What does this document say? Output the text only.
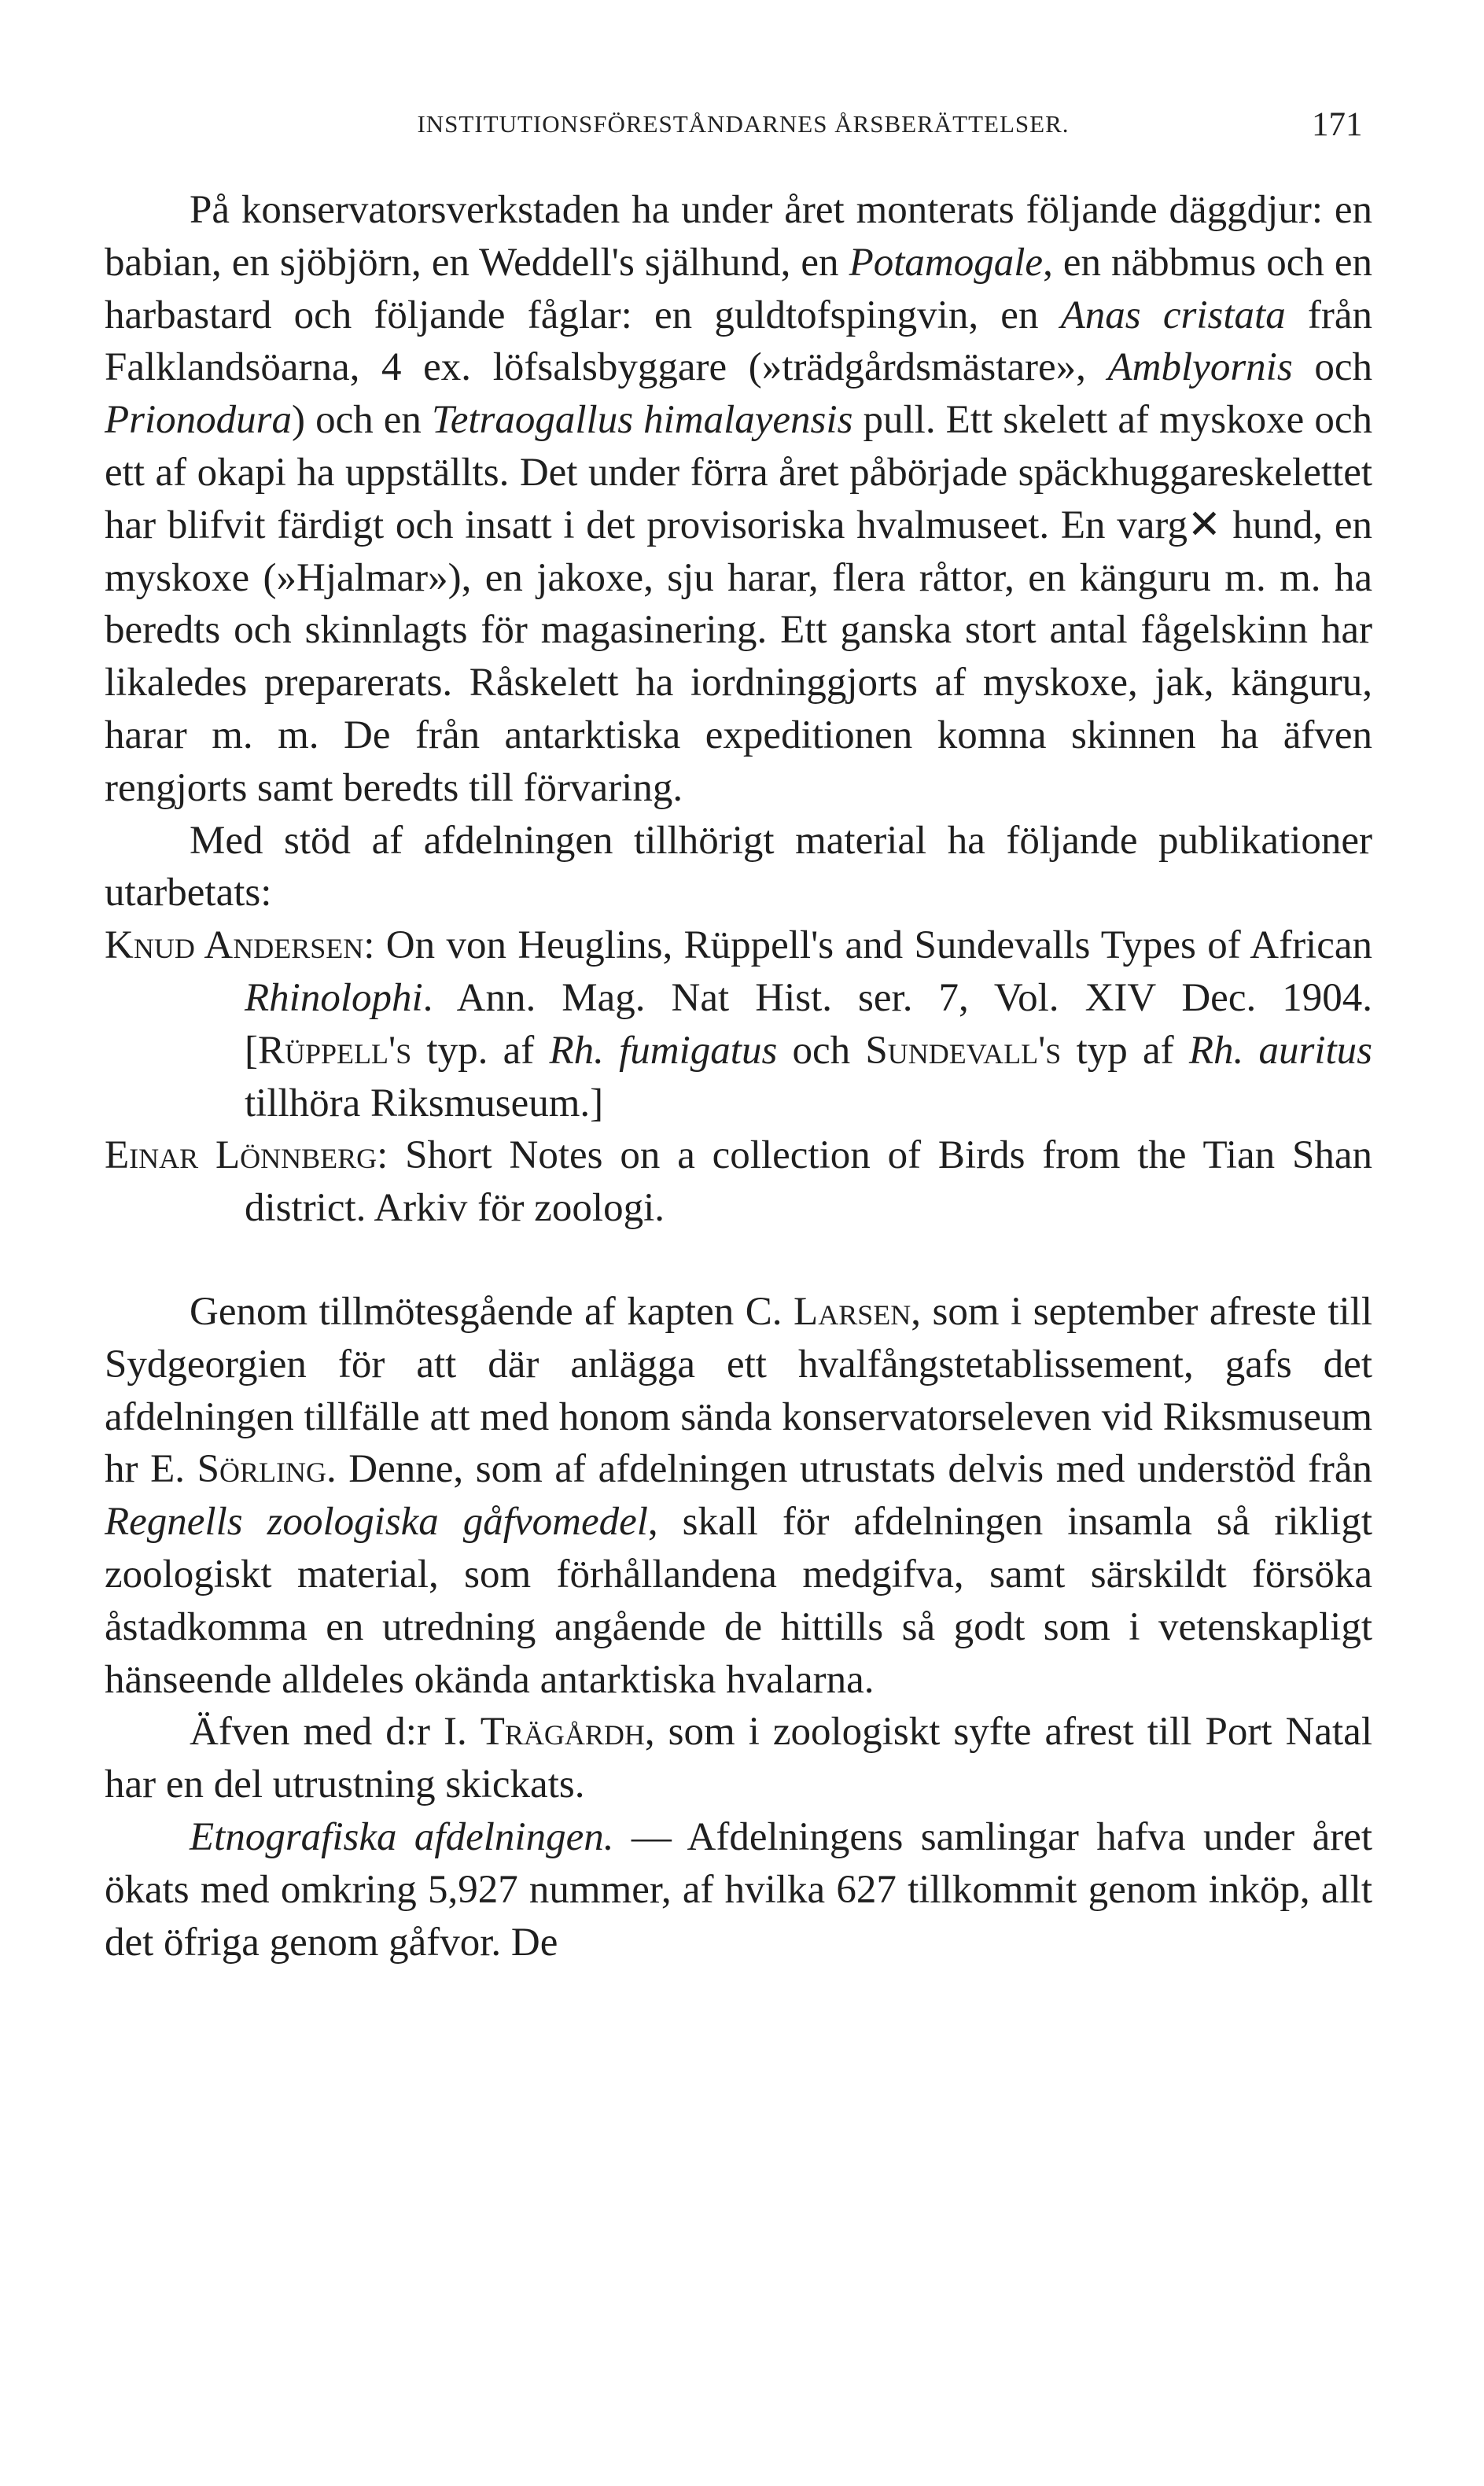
INSTITUTIONSFÖRESTÅNDARNES ÅRSBERÄTTELSER.	171

På konservatorsverkstaden ha under året monterats följande däggdjur: en babian, en sjöbjörn, en Weddell's själhund, en Potamogale, en näbbmus och en harbastard och följande fåglar: en guldtofspingvin, en Anas cristata från Falklandsöarna, 4 ex. löfsalsbyggare (»trädgårdsmästare», Amblyornis och Prionodura) och en Tetraogallus himalayensis pull. Ett skelett af myskoxe och ett af okapi ha uppställts. Det under förra året påbörjade späckhuggareskelettet har blifvit färdigt och insatt i det provisoriska hvalmuseet. En varg✕ hund, en myskoxe (»Hjalmar»), en jakoxe, sju harar, flera råttor, en känguru m. m. ha beredts och skinnlagts för magasinering. Ett ganska stort antal fågelskinn har likaledes preparerats. Råskelett ha iordninggjorts af myskoxe, jak, känguru, harar m. m. De från antarktiska expeditionen komna skinnen ha äfven rengjorts samt beredts till förvaring.

Med stöd af afdelningen tillhörigt material ha följande publikationer utarbetats:

Knud Andersen: On von Heuglins, Rüppell's and Sundevalls Types of African Rhinolophi. Ann. Mag. Nat Hist. ser. 7, Vol. XIV Dec. 1904. [Rüppell's typ. af Rh. fumigatus och Sundevall's typ af Rh. auritus tillhöra Riksmuseum.]

Einar Lönnberg: Short Notes on a collection of Birds from the Tian Shan district. Arkiv för zoologi.

Genom tillmötesgående af kapten C. Larsen, som i september afreste till Sydgeorgien för att där anlägga ett hvalfångstetablissement, gafs det afdelningen tillfälle att med honom sända konservatorseleven vid Riksmuseum hr E. Sörling. Denne, som af afdelningen utrustats delvis med understöd från Regnells zoologiska gåfvomedel, skall för afdelningen insamla så rikligt zoologiskt material, som förhållandena medgifva, samt särskildt försöka åstadkomma en utredning angående de hittills så godt som i vetenskapligt hänseende alldeles okända antarktiska hvalarna.

Äfven med d:r I. Trägårdh, som i zoologiskt syfte afrest till Port Natal har en del utrustning skickats.

Etnografiska afdelningen. — Afdelningens samlingar hafva under året ökats med omkring 5,927 nummer, af hvilka 627 tillkommit genom inköp, allt det öfriga genom gåfvor. De
